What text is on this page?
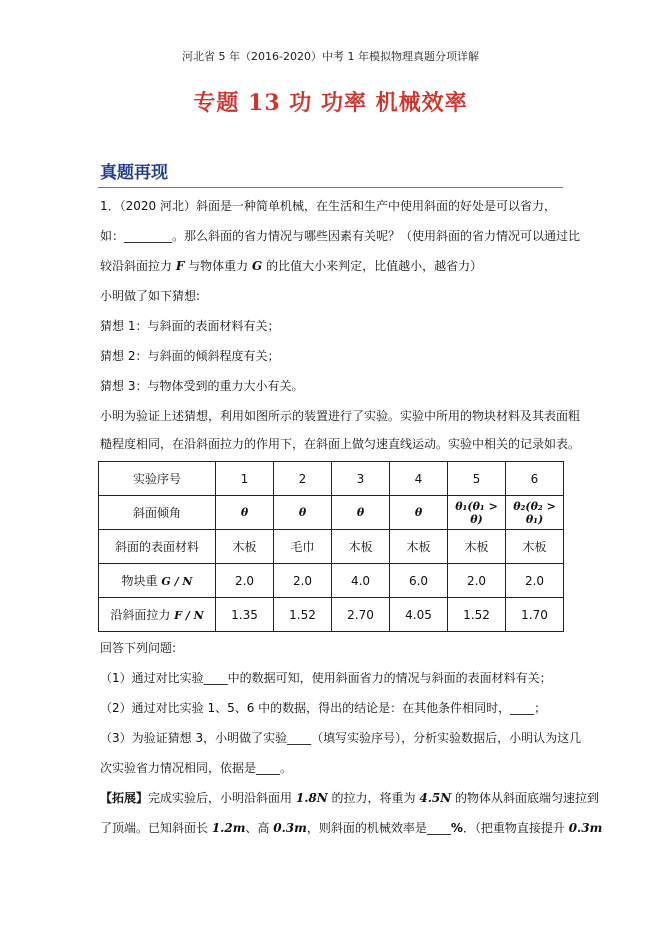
河北省 5 年（2016-2020）中考 1 年模拟物理真题分项详解
专题 13 功 功率 机械效率
真题再现
1．（2020 河北）斜面是一种简单机械，在生活和生产中使用斜面的好处是可以省力，
如：________。那么斜面的省力情况与哪些因素有关呢？（使用斜面的省力情况可以通过比
较沿斜面拉力 F 与物体重力 G 的比值大小来判定，比值越小，越省力）
小明做了如下猜想:
猜想 1：与斜面的表面材料有关；
猜想 2：与斜面的倾斜程度有关；
猜想 3：与物体受到的重力大小有关。
小明为验证上述猜想，利用如图所示的装置进行了实验。实验中所用的物块材料及其表面粗
糙程度相同，在沿斜面拉力的作用下，在斜面上做匀速直线运动。实验中相关的记录如表。
实验序号	1	2	3	4	5	6
斜面倾角	θ	θ	θ	θ	θ₁(θ₁ > θ)	θ₂(θ₂ > θ₁)
斜面的表面材料	木板	毛巾	木板	木板	木板	木板
物块重 G / N	2.0	2.0	4.0	6.0	2.0	2.0
沿斜面拉力 F / N	1.35	1.52	2.70	4.05	1.52	1.70
回答下列问题:
（1）通过对比实验____中的数据可知，使用斜面省力的情况与斜面的表面材料有关；
（2）通过对比实验 1、5、6 中的数据，得出的结论是：在其他条件相同时，____；
（3）为验证猜想 3，小明做了实验____（填写实验序号），分析实验数据后，小明认为这几
次实验省力情况相同，依据是____。
【拓展】完成实验后，小明沿斜面用 1.8N 的拉力，将重为 4.5N 的物体从斜面底端匀速拉到
了顶端。已知斜面长 1.2m、高 0.3m，则斜面的机械效率是____%．（把重物直接提升 0.3m
